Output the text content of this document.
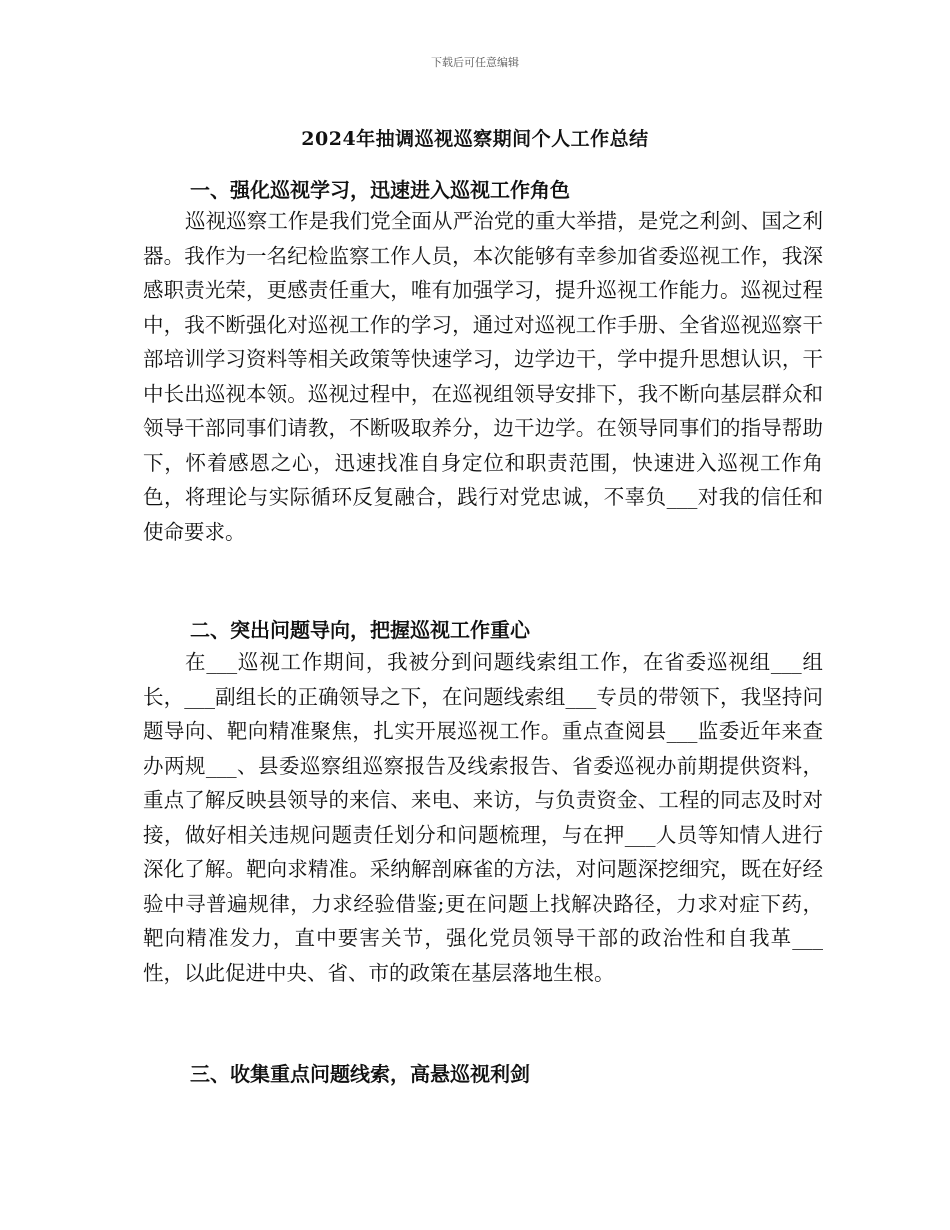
下载后可任意编辑
2024年抽调巡视巡察期间个人工作总结
一、强化巡视学习，迅速进入巡视工作角色

巡视巡察工作是我们党全面从严治党的重大举措，是党之利剑、国之利器。我作为一名纪检监察工作人员，本次能够有幸参加省委巡视工作，我深感职责光荣，更感责任重大，唯有加强学习，提升巡视工作能力。巡视过程中，我不断强化对巡视工作的学习，通过对巡视工作手册、全省巡视巡察干部培训学习资料等相关政策等快速学习，边学边干，学中提升思想认识，干中长出巡视本领。巡视过程中，在巡视组领导安排下，我不断向基层群众和领导干部同事们请教，不断吸取养分，边干边学。在领导同事们的指导帮助下，怀着感恩之心，迅速找准自身定位和职责范围，快速进入巡视工作角色，将理论与实际循环反复融合，践行对党忠诚，不辜负___对我的信任和使命要求。

二、突出问题导向，把握巡视工作重心

在___巡视工作期间，我被分到问题线索组工作，在省委巡视组___组长，___副组长的正确领导之下，在问题线索组___专员的带领下，我坚持问题导向、靶向精准聚焦，扎实开展巡视工作。重点查阅县___监委近年来查办两规___、县委巡察组巡察报告及线索报告、省委巡视办前期提供资料，重点了解反映县领导的来信、来电、来访，与负责资金、工程的同志及时对接，做好相关违规问题责任划分和问题梳理，与在押___人员等知情人进行深化了解。靶向求精准。采纳解剖麻雀的方法，对问题深挖细究，既在好经验中寻普遍规律，力求经验借鉴;更在问题上找解决路径，力求对症下药，靶向精准发力，直中要害关节，强化党员领导干部的政治性和自我革___性，以此促进中央、省、市的政策在基层落地生根。

三、收集重点问题线索，高悬巡视利剑
